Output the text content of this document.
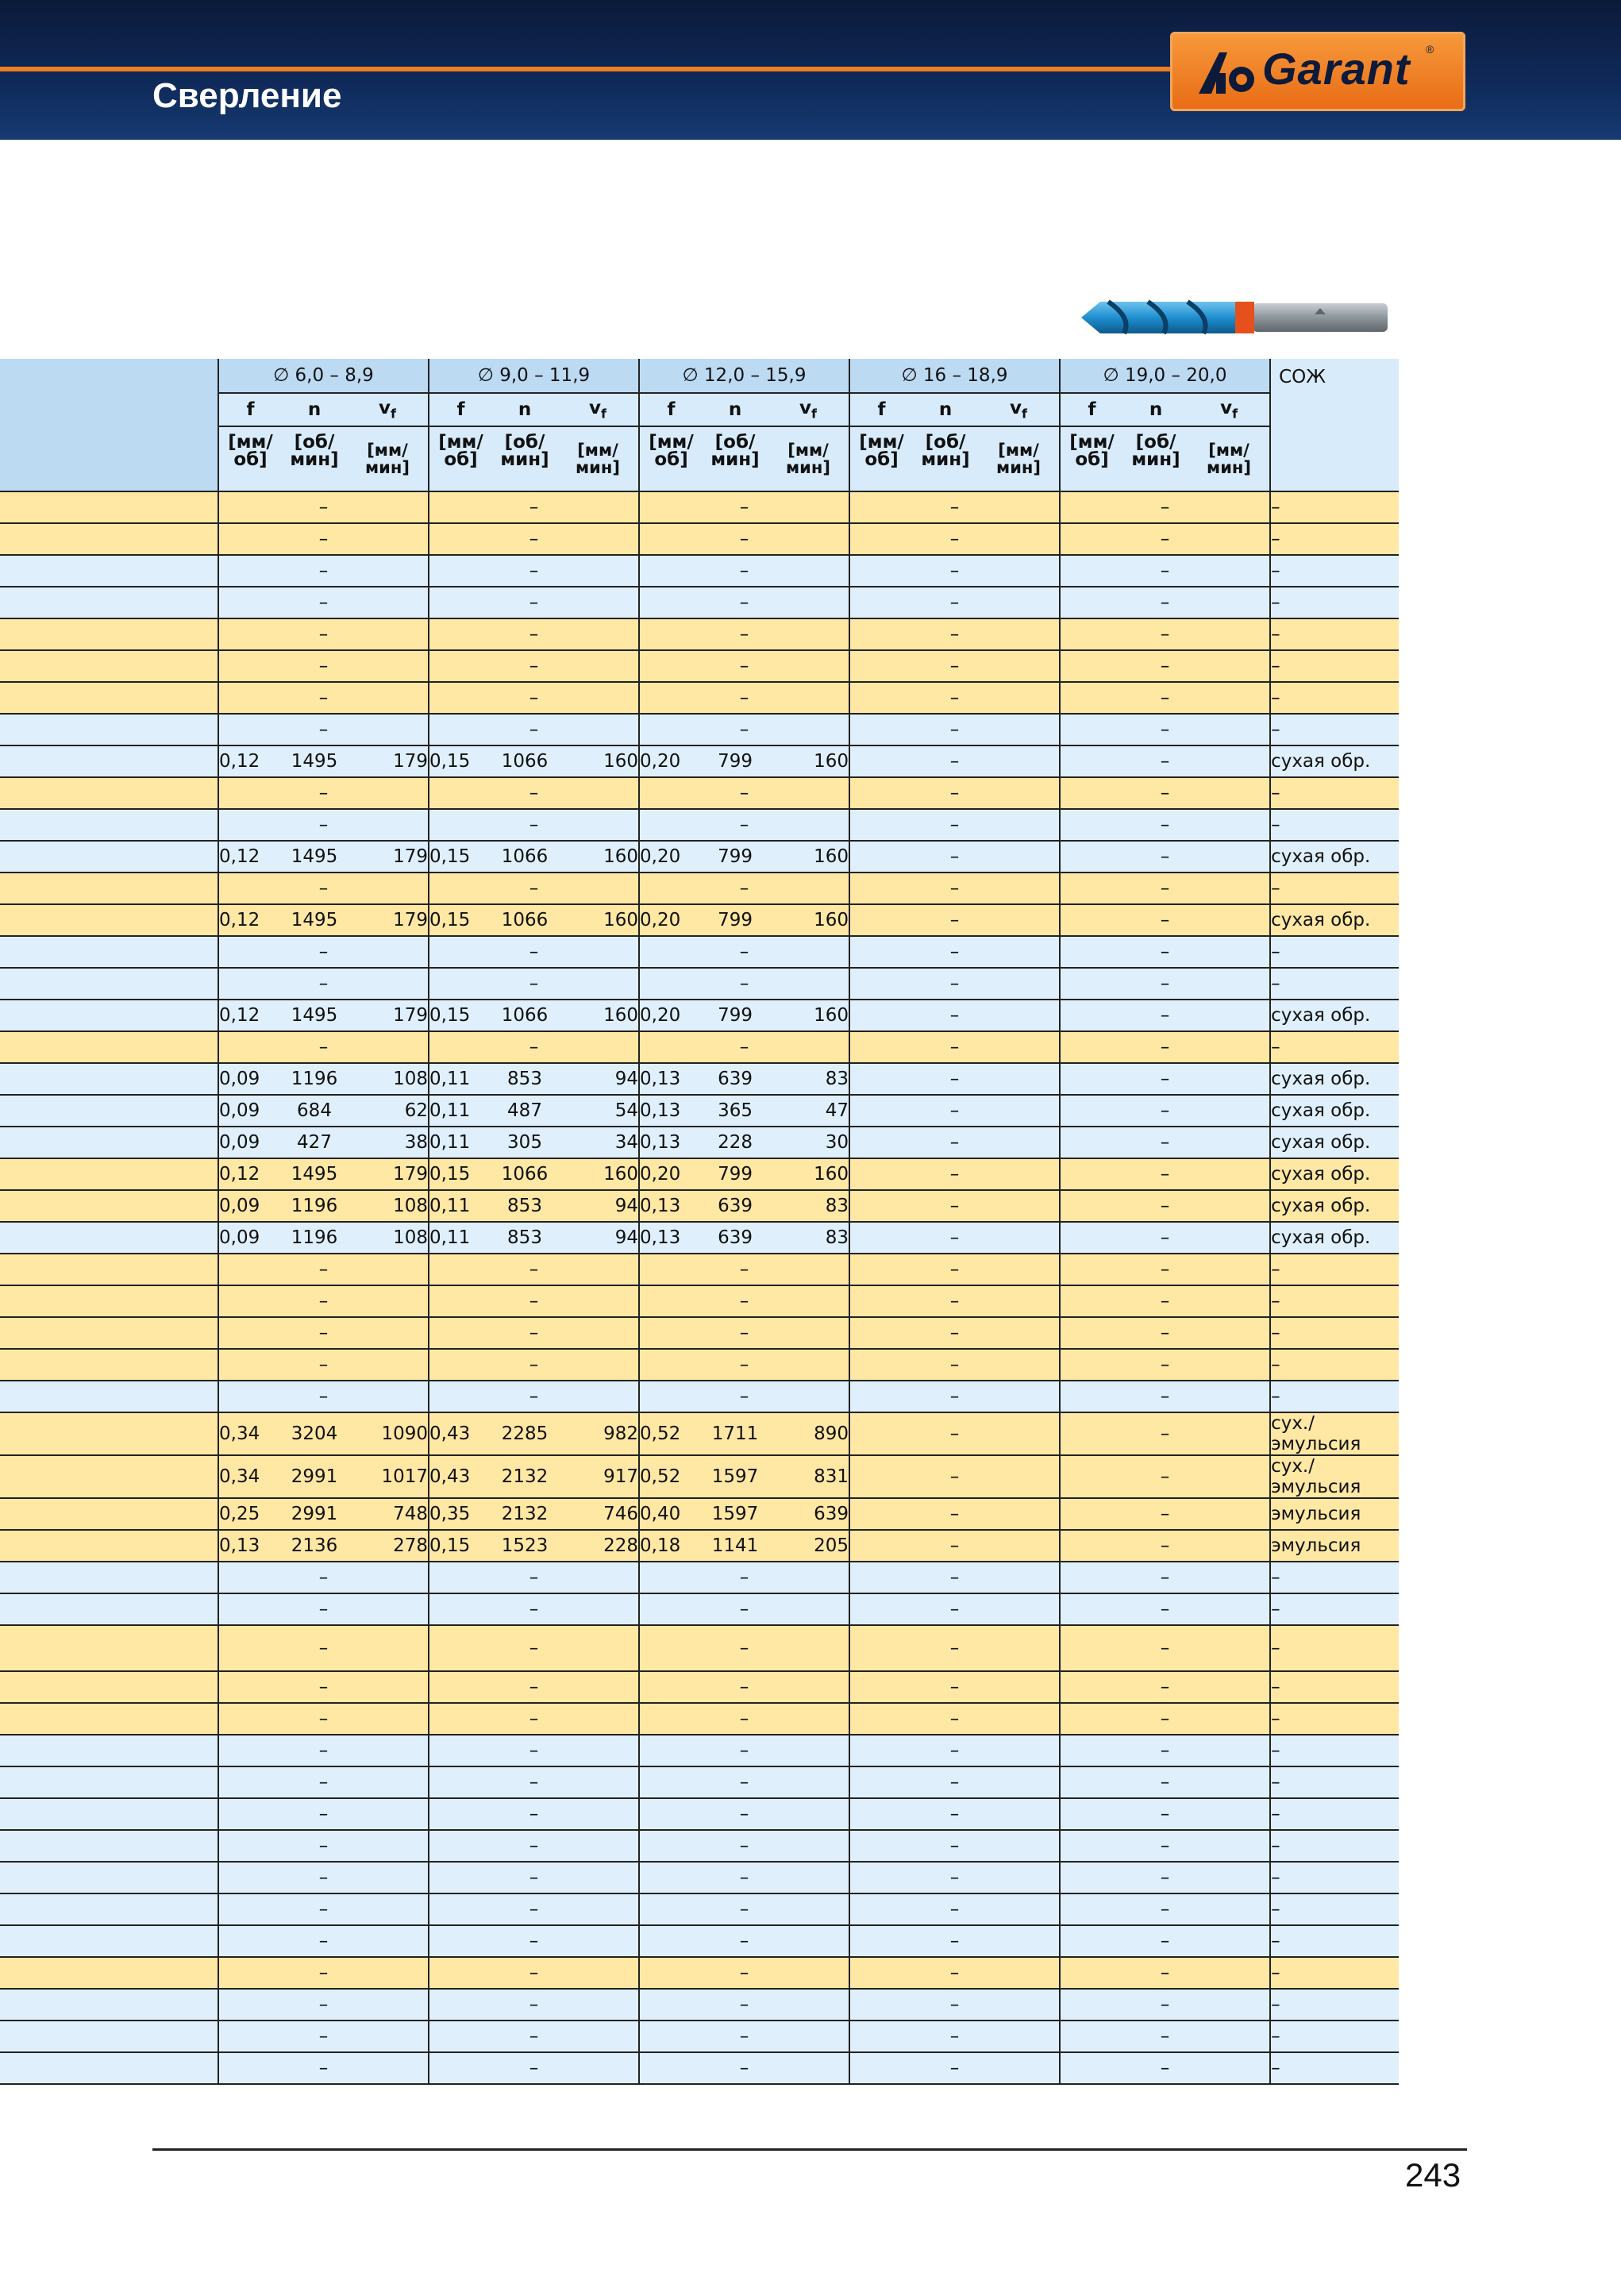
Сверление
Garant ®
	∅ 6,0 – 8,9			∅ 9,0 – 11,9			∅ 12,0 – 15,9			∅ 16 – 18,9			∅ 19,0 – 20,0			СОЖ
	f	n	$v_f$	f	n	$v_f$	f	n	$v_f$	f	n	$v_f$	f	n	$v_f$
	[мм/ об]	[об/ мин]	[мм/мин]	[мм/ об]	[об/ мин]	[мм/мин]	[мм/ об]	[об/ мин]	[мм/мин]	[мм/ об]	[об/ мин]	[мм/мин]	[мм/ об]	[об/ мин]	[мм/мин]	
	–			–			–			–			–			–
	–			–			–			–			–			–
	–			–			–			–			–			–
	–			–			–			–			–			–
	–			–			–			–			–			–
	–			–			–			–			–			–
	–			–			–			–			–			–
	–			–			–			–			–			–
	0,12	1495	179	0,15	1066	160	0,20	799	160	–			–			сухая обр.
	–			–			–			–			–			–
	–			–			–			–			–			–
	0,12	1495	179	0,15	1066	160	0,20	799	160	–			–			сухая обр.
	–			–			–			–			–			–
	0,12	1495	179	0,15	1066	160	0,20	799	160	–			–			сухая обр.
	–			–			–			–			–			–
	–			–			–			–			–			–
	0,12	1495	179	0,15	1066	160	0,20	799	160	–			–			сухая обр.
	–			–			–			–			–			–
	0,09	1196	108	0,11	853	94	0,13	639	83	–			–			сухая обр.
	0,09	684	62	0,11	487	54	0,13	365	47	–			–			сухая обр.
	0,09	427	38	0,11	305	34	0,13	228	30	–			–			сухая обр.
	0,12	1495	179	0,15	1066	160	0,20	799	160	–			–			сухая обр.
	0,09	1196	108	0,11	853	94	0,13	639	83	–			–			сухая обр.
	0,09	1196	108	0,11	853	94	0,13	639	83	–			–			сухая обр.
	–			–			–			–			–			–
	–			–			–			–			–			–
	–			–			–			–			–			–
	–			–			–			–			–			–
	–			–			–			–			–			–
	0,34	3204	1090	0,43	2285	982	0,52	1711	890	–			–			сух./эмульсия
	0,34	2991	1017	0,43	2132	917	0,52	1597	831	–			–			сух./эмульсия
	0,25	2991	748	0,35	2132	746	0,40	1597	639	–			–			эмульсия
	0,13	2136	278	0,15	1523	228	0,18	1141	205	–			–			эмульсия
	–			–			–			–			–			–
	–			–			–			–			–			–
	–			–			–			–			–			–
	–			–			–			–			–			–
	–			–			–			–			–			–
	–			–			–			–			–			–
	–			–			–			–			–			–
	–			–			–			–			–			–
	–			–			–			–			–			–
	–			–			–			–			–			–
	–			–			–			–			–			–
	–			–			–			–			–			–
	–			–			–			–			–			–
	–			–			–			–			–			–
	–			–			–			–			–			–
	–			–			–			–			–			–
243
